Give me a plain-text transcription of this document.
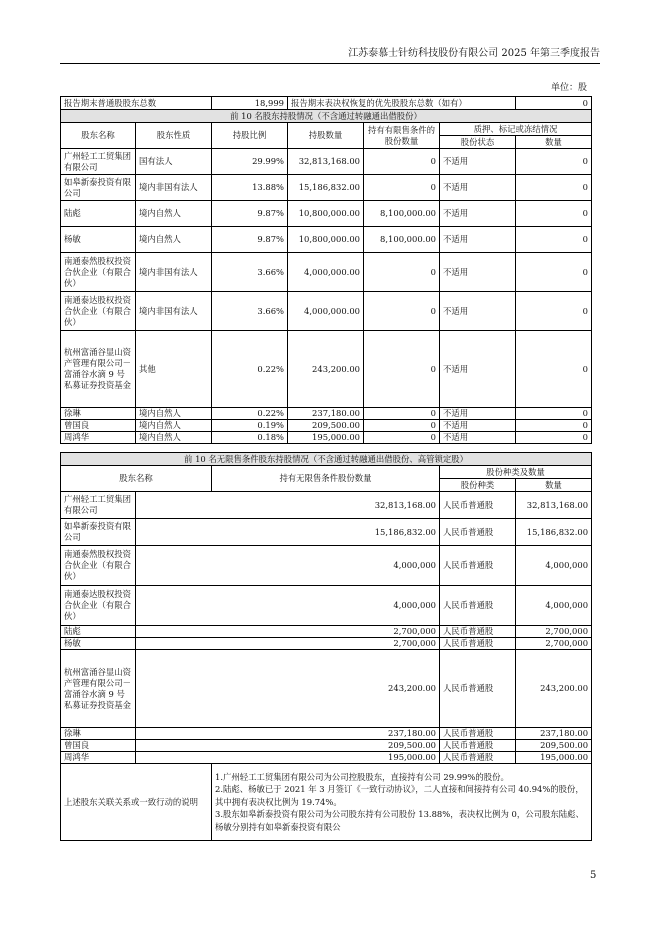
江苏泰慕士针纺科技股份有限公司 2025 年第三季度报告
单位：股
报告期末普通股股东总数		18,999	报告期末表决权恢复的优先股股东总数（如有）			0
前 10 名股东持股情况（不含通过转融通出借股份）						
股东名称	股东性质	持股比例	持股数量	持有有限售条件的股份数量	质押、标记或冻结情况	
					股份状态	数量
广州轻工工贸集团有限公司	国有法人	29.99%	32,813,168.00	0	不适用	0
如皋新泰投资有限公司	境内非国有法人	13.88%	15,186,832.00	0	不适用	0
陆彪	境内自然人	9.87%	10,800,000.00	8,100,000.00	不适用	0
杨敏	境内自然人	9.87%	10,800,000.00	8,100,000.00	不适用	0
南通泰然股权投资合伙企业（有限合伙）	境内非国有法人	3.66%	4,000,000.00	0	不适用	0
南通泰达股权投资合伙企业（有限合伙）	境内非国有法人	3.66%	4,000,000.00	0	不适用	0
杭州富涌谷显山资产管理有限公司－富涌谷水滴 9 号私募证券投资基金	其他	0.22%	243,200.00	0	不适用	0
徐琳	境内自然人	0.22%	237,180.00	0	不适用	0
曾国良	境内自然人	0.19%	209,500.00	0	不适用	0
周鸿华	境内自然人	0.18%	195,000.00	0	不适用	0
前 10 名无限售条件股东持股情况（不含通过转融通出借股份、高管锁定股）				
股东名称		持有无限售条件股份数量	股份种类及数量	
			股份种类	数量
广州轻工工贸集团有限公司	32,813,168.00		人民币普通股	32,813,168.00
如皋新泰投资有限公司	15,186,832.00		人民币普通股	15,186,832.00
南通泰然股权投资合伙企业（有限合伙）	4,000,000		人民币普通股	4,000,000
南通泰达股权投资合伙企业（有限合伙）	4,000,000		人民币普通股	4,000,000
陆彪	2,700,000		人民币普通股	2,700,000
杨敏	2,700,000		人民币普通股	2,700,000
杭州富涌谷显山资产管理有限公司－富涌谷水滴 9 号私募证券投资基金	243,200.00		人民币普通股	243,200.00
徐琳	237,180.00		人民币普通股	237,180.00
曾国良	209,500.00		人民币普通股	209,500.00
周鸿华	195,000.00		人民币普通股	195,000.00
上述股东关联关系或一致行动的说明		1.广州轻工工贸集团有限公司为公司控股股东，直接持有公司 29.99%的股份。
2.陆彪、杨敏已于 2021 年 3 月签订《一致行动协议》，二人直接和间接持有公司 40.94%的股份，其中拥有表决权比例为 19.74%。
3.股东如皋新泰投资有限公司为公司股东持有公司股份 13.88%，表决权比例为 0，公司股东陆彪、杨敏分别持有如皋新泰投资有限公		
5
